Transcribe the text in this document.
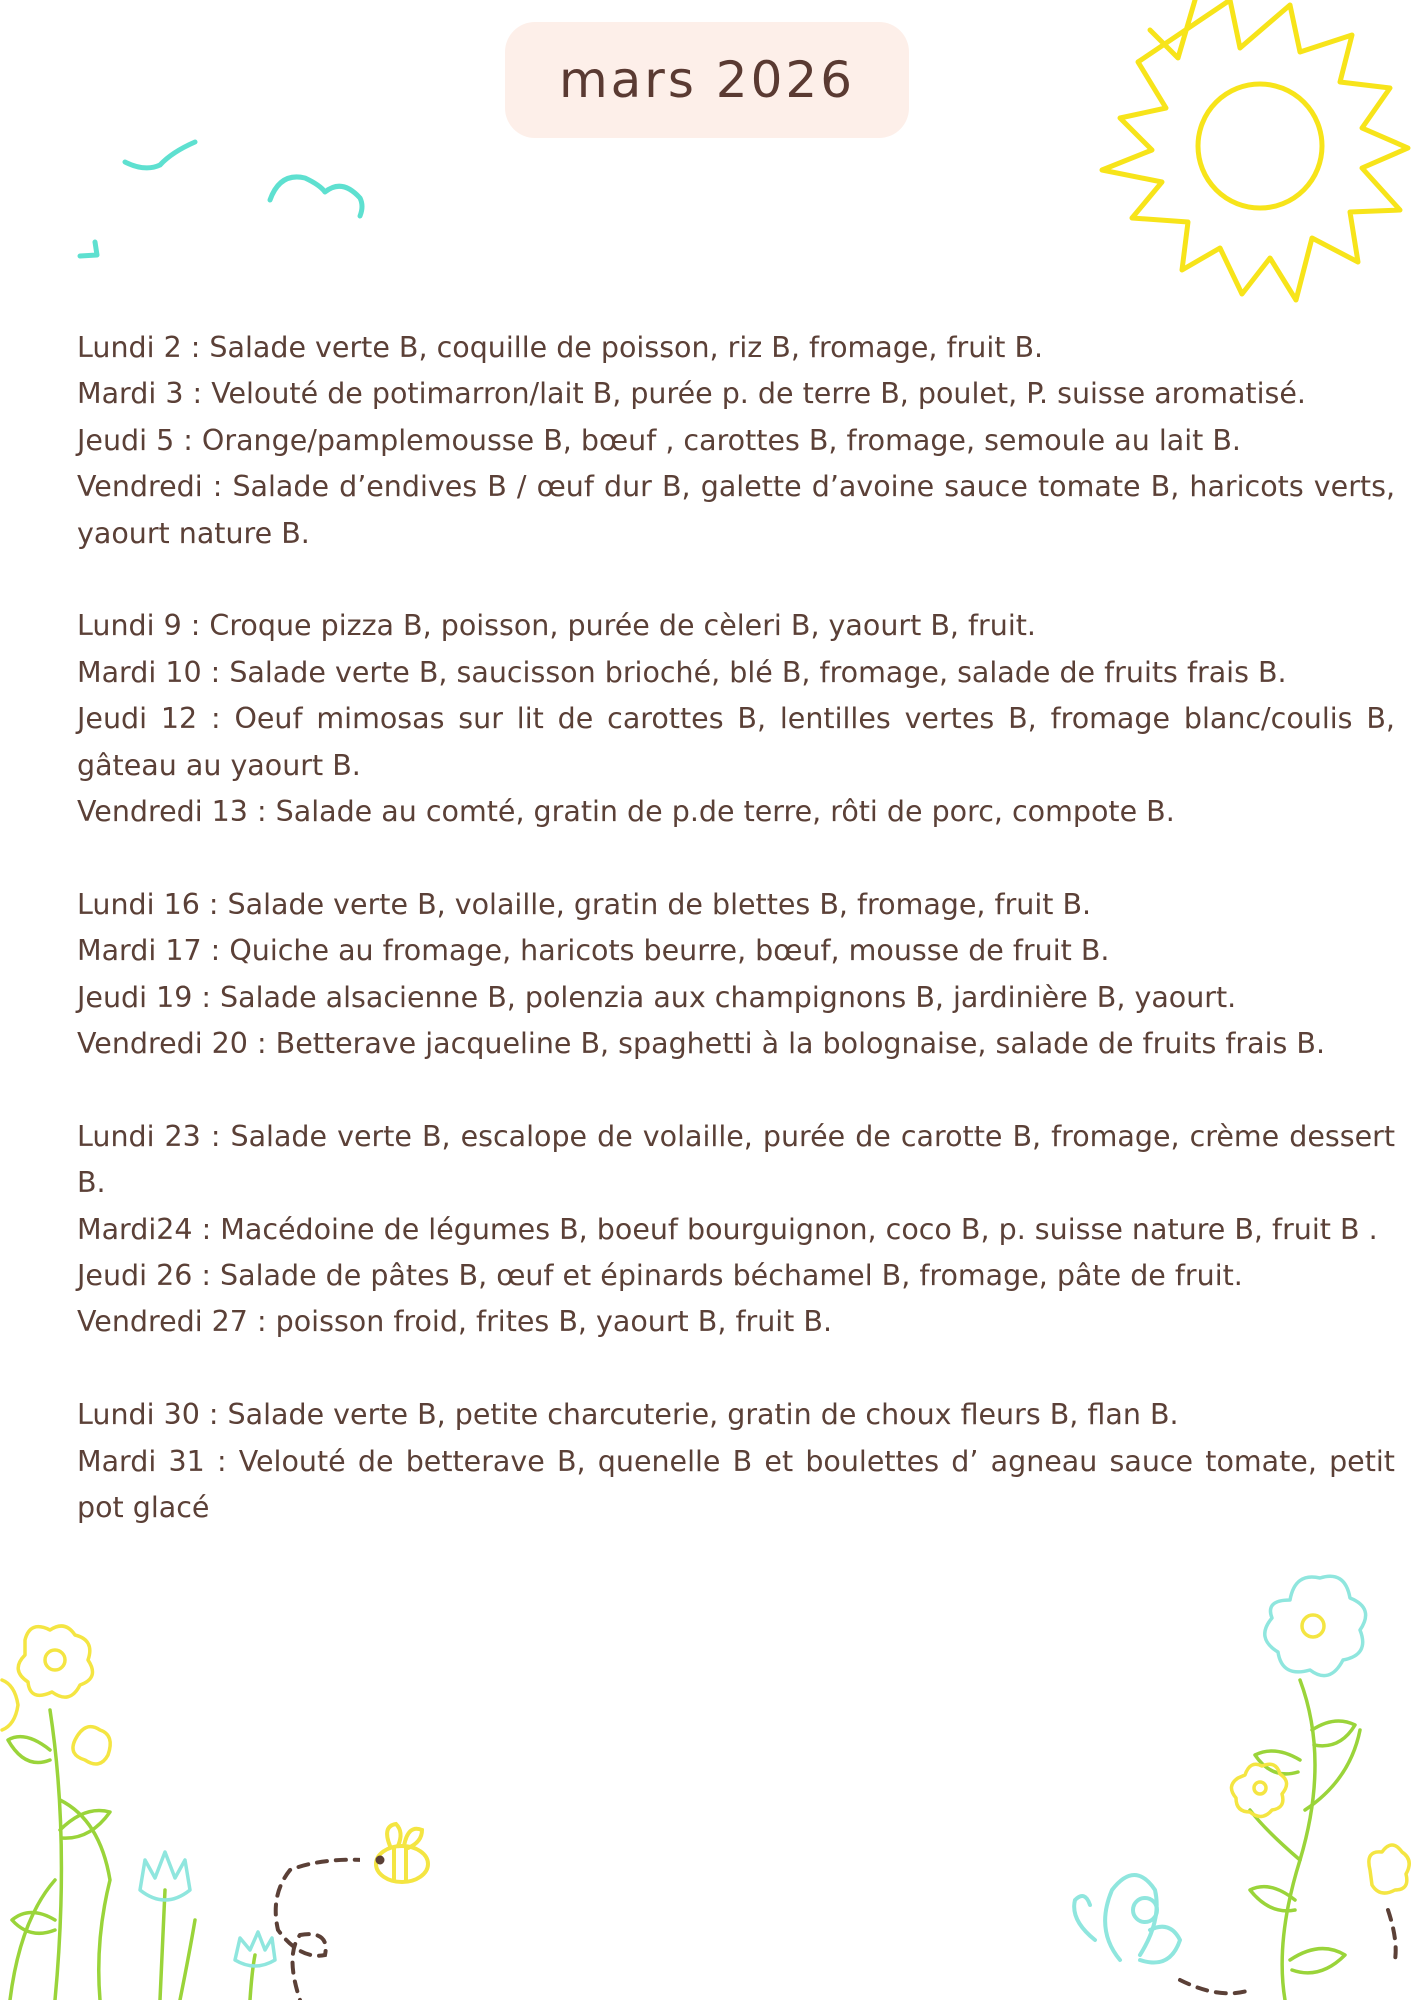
mars 2026

Lundi 2 : Salade verte B, coquille de poisson, riz B, fromage, fruit B.

Mardi 3 : Velouté de potimarron/lait B, purée p. de terre B, poulet, P. suisse aromatisé.

Jeudi 5 : Orange/pamplemousse B, bœuf , carottes B, fromage, semoule au lait B.

Vendredi : Salade d’endives B / œuf dur B, galette d’avoine sauce tomate B, haricots verts, yaourt nature B.

Lundi 9 : Croque pizza B, poisson, purée de cèleri B, yaourt B, fruit.

Mardi 10 : Salade verte B, saucisson brioché, blé B, fromage, salade de fruits frais B.

Jeudi 12 : Oeuf mimosas sur lit de carottes B, lentilles vertes B, fromage blanc/coulis B, gâteau au yaourt B.

Vendredi 13 : Salade au comté, gratin de p.de terre, rôti de porc, compote B.

Lundi 16 : Salade verte B, volaille, gratin de blettes B, fromage, fruit B.

Mardi 17 : Quiche au fromage, haricots beurre, bœuf, mousse de fruit B.

Jeudi 19 : Salade alsacienne B, polenzia aux champignons B, jardinière B, yaourt.

Vendredi 20 : Betterave jacqueline B, spaghetti à la bolognaise, salade de fruits frais B.

Lundi 23 : Salade verte B, escalope de volaille, purée de carotte B, fromage, crème dessert B.

Mardi24 : Macédoine de légumes B, boeuf bourguignon, coco B, p. suisse nature B, fruit B .

Jeudi 26 : Salade de pâtes B, œuf et épinards béchamel B, fromage, pâte de fruit.

Vendredi 27 : poisson froid, frites B, yaourt B, fruit B.

Lundi 30 : Salade verte B, petite charcuterie, gratin de choux fleurs B, flan B.

Mardi 31 : Velouté de betterave B, quenelle B et boulettes d’ agneau sauce tomate, petit pot glacé
